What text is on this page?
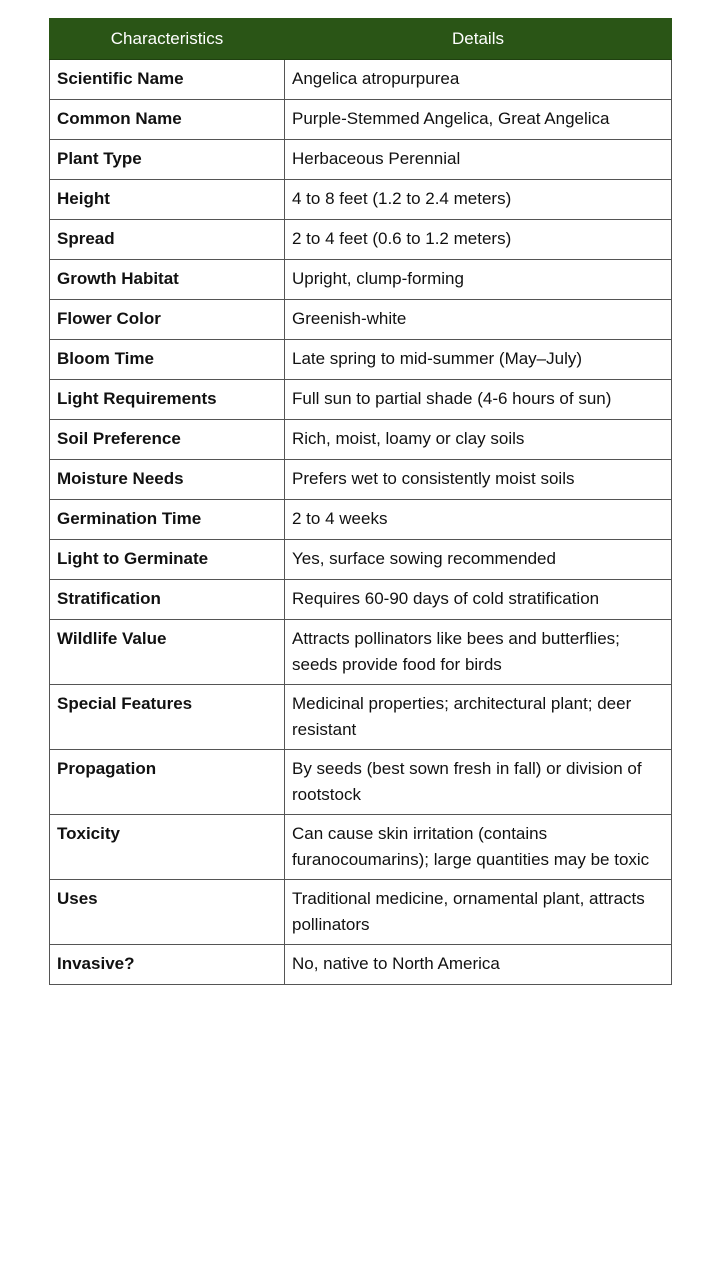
Characteristics	Details
Scientific Name	Angelica atropurpurea
Common Name	Purple-Stemmed Angelica, Great Angelica
Plant Type	Herbaceous Perennial
Height	4 to 8 feet (1.2 to 2.4 meters)
Spread	2 to 4 feet (0.6 to 1.2 meters)
Growth Habitat	Upright, clump-forming
Flower Color	Greenish-white
Bloom Time	Late spring to mid-summer (May–July)
Light Requirements	Full sun to partial shade (4-6 hours of sun)
Soil Preference	Rich, moist, loamy or clay soils
Moisture Needs	Prefers wet to consistently moist soils
Germination Time	2 to 4 weeks
Light to Germinate	Yes, surface sowing recommended
Stratification	Requires 60-90 days of cold stratification
Wildlife Value	Attracts pollinators like bees and butterflies; seeds provide food for birds
Special Features	Medicinal properties; architectural plant; deer resistant
Propagation	By seeds (best sown fresh in fall) or division of rootstock
Toxicity	Can cause skin irritation (contains furanocoumarins); large quantities may be toxic
Uses	Traditional medicine, ornamental plant, attracts pollinators
Invasive?	No, native to North America
